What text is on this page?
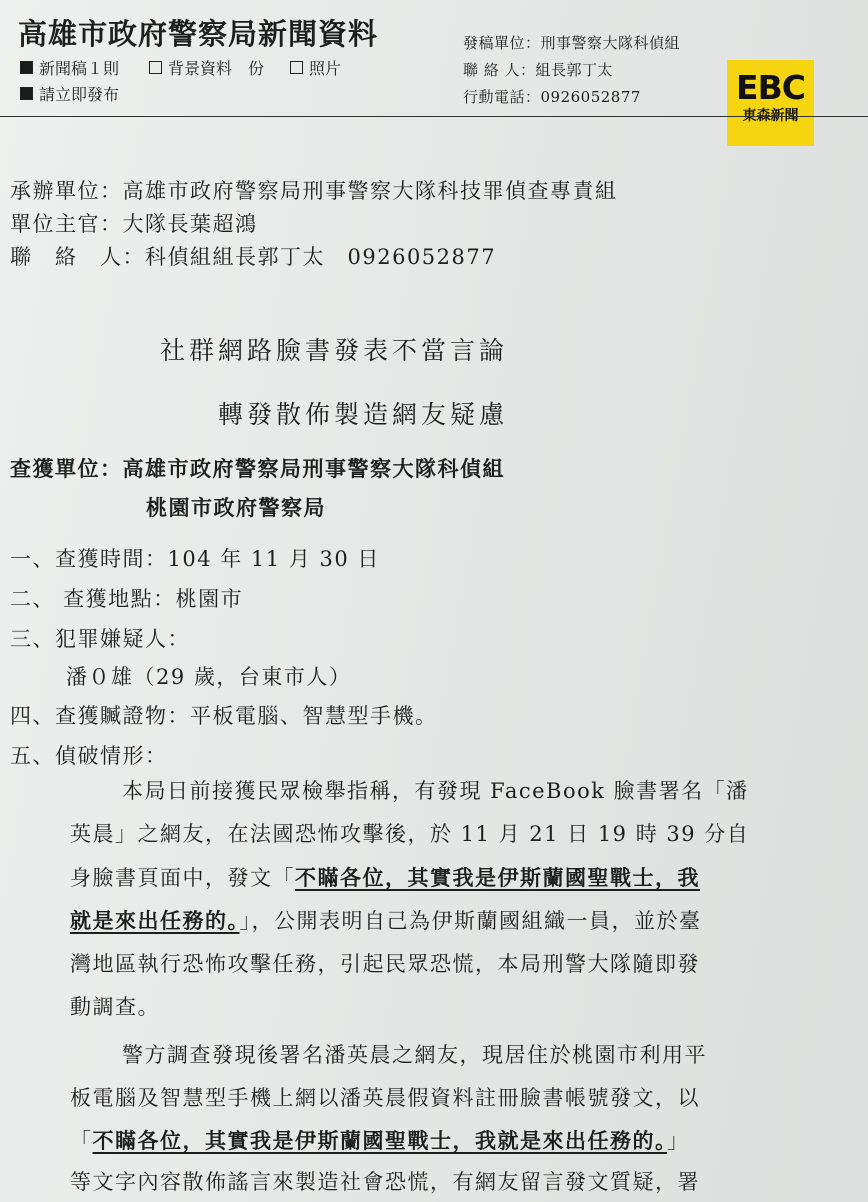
高雄市政府警察局新聞資料
新聞稿１則	背景資料　份	照片
請立即發布
發稿單位：刑事警察大隊科偵組
聯 絡 人：組長郭丁太
行動電話：0926052877	EBC
東森新聞
承辦單位：高雄市政府警察局刑事警察大隊科技罪偵查專責組
單位主官：大隊長葉超鴻
聯　絡　人：科偵組組長郭丁太　0926052877
社群網路臉書發表不當言論
轉發散佈製造網友疑慮
查獲單位：高雄市政府警察局刑事警察大隊科偵組
桃園市政府警察局
一、查獲時間：104 年 11 月 30 日
二、 查獲地點：桃園市
三、犯罪嫌疑人：
潘０雄（29 歲，台東市人）
四、查獲贓證物：平板電腦、智慧型手機。
五、偵破情形：
本局日前接獲民眾檢舉指稱，有發現 FaceBook 臉書署名「潘
英晨」之網友，在法國恐怖攻擊後，於 11 月 21 日 19 時 39 分自
身臉書頁面中，發文「不瞞各位，其實我是伊斯蘭國聖戰士，我
就是來出任務的。」，公開表明自己為伊斯蘭國組織一員，並於臺
灣地區執行恐怖攻擊任務，引起民眾恐慌，本局刑警大隊隨即發
動調查。
警方調查發現後署名潘英晨之網友，現居住於桃園市利用平
板電腦及智慧型手機上網以潘英晨假資料註冊臉書帳號發文，以
「不瞞各位，其實我是伊斯蘭國聖戰士，我就是來出任務的。」
等文字內容散佈謠言來製造社會恐慌，有網友留言發文質疑，署
